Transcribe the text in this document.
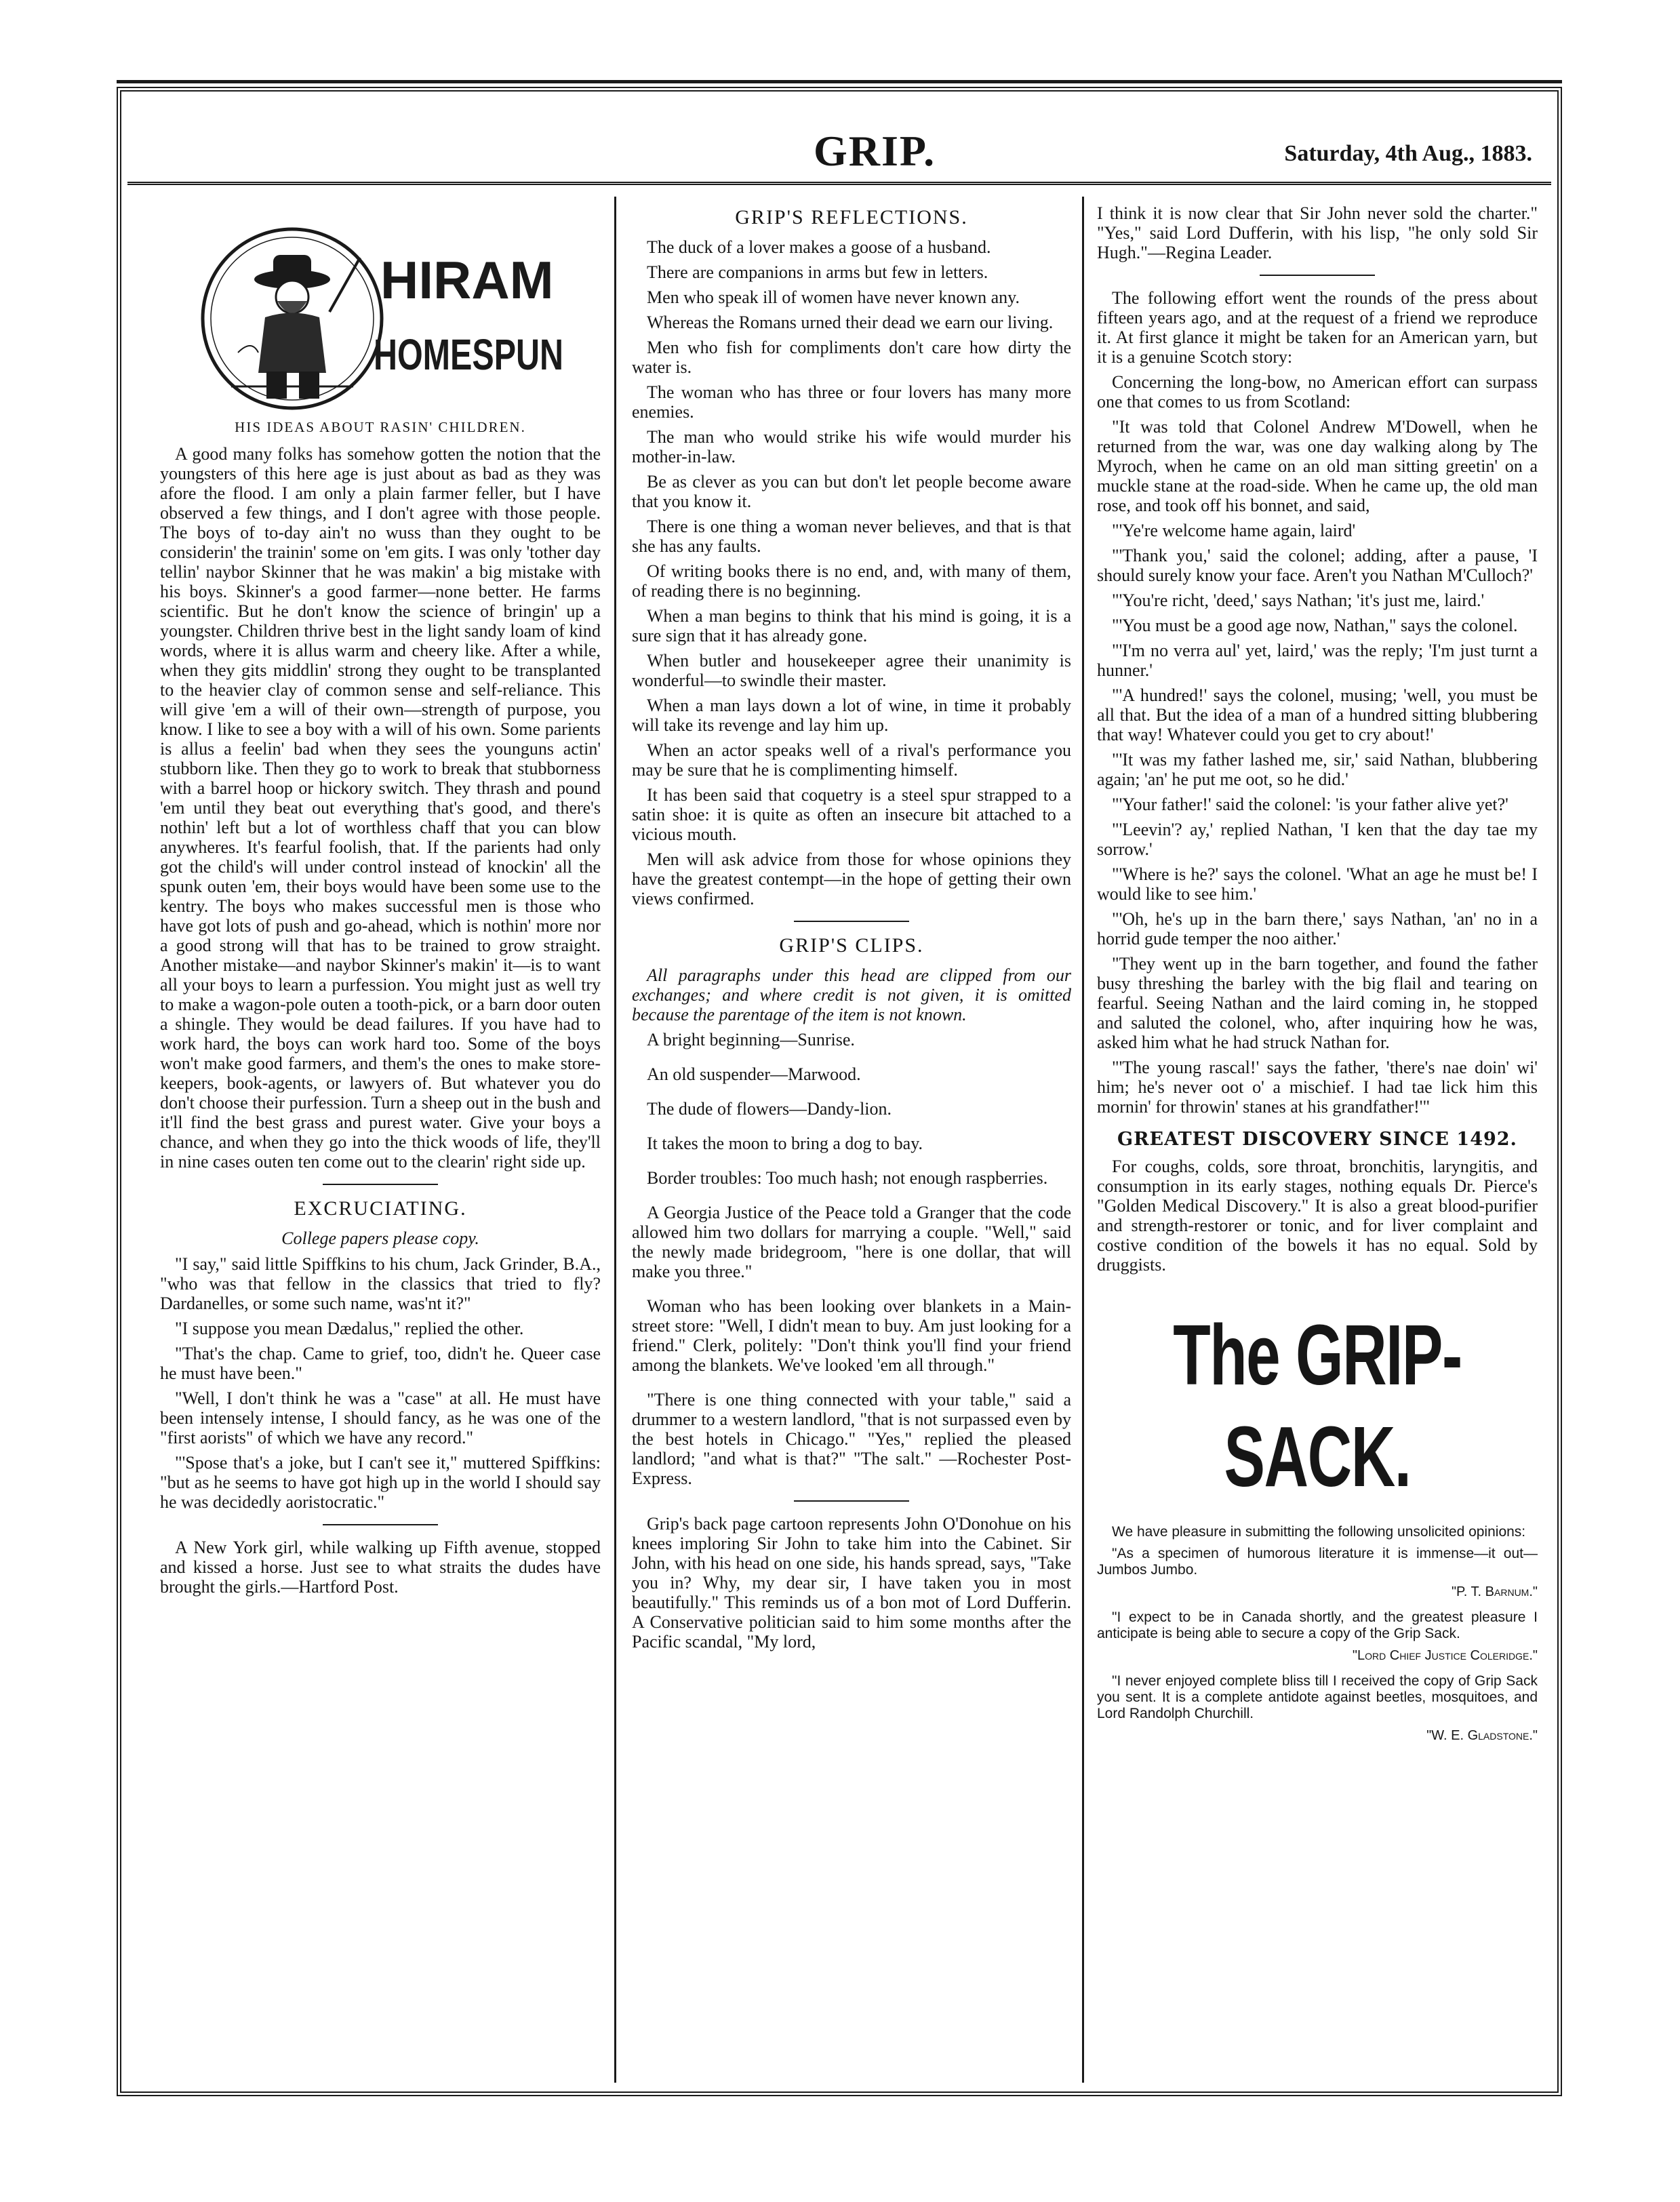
GRIP.	Saturday, 4th Aug., 1883.
HIRAM
HOMESPUN
HIS IDEAS ABOUT RASIN' CHILDREN.

A good many folks has somehow gotten the notion that the youngsters of this here age is just about as bad as they was afore the flood. I am only a plain farmer feller, but I have observed a few things, and I don't agree with those people. The boys of to-day ain't no wuss than they ought to be considerin' the trainin' some on 'em gits. I was only 'tother day tellin' naybor Skinner that he was makin' a big mistake with his boys. Skinner's a good farmer—none better. He farms scientific. But he don't know the science of bringin' up a youngster. Children thrive best in the light sandy loam of kind words, where it is allus warm and cheery like. After a while, when they gits middlin' strong they ought to be transplanted to the heavier clay of common sense and self-reliance. This will give 'em a will of their own—strength of purpose, you know. I like to see a boy with a will of his own. Some parients is allus a feelin' bad when they sees the younguns actin' stubborn like. Then they go to work to break that stubborness with a barrel hoop or hickory switch. They thrash and pound 'em until they beat out everything that's good, and there's nothin' left but a lot of worthless chaff that you can blow anywheres. It's fearful foolish, that. If the parients had only got the child's will under control instead of knockin' all the spunk outen 'em, their boys would have been some use to the kentry. The boys who makes successful men is those who have got lots of push and go-ahead, which is nothin' more nor a good strong will that has to be trained to grow straight. Another mistake—and naybor Skinner's makin' it—is to want all your boys to learn a purfession. You might just as well try to make a wagon-pole outen a tooth-pick, or a barn door outen a shingle. They would be dead failures. If you have had to work hard, the boys can work hard too. Some of the boys won't make good farmers, and them's the ones to make store-keepers, book-agents, or lawyers of. But whatever you do don't choose their purfession. Turn a sheep out in the bush and it'll find the best grass and purest water. Give your boys a chance, and when they go into the thick woods of life, they'll in nine cases outen ten come out to the clearin' right side up.

EXCRUCIATING.
College papers please copy.

"I say," said little Spiffkins to his chum, Jack Grinder, B.A., "who was that fellow in the classics that tried to fly? Dardanelles, or some such name, was'nt it?"

"I suppose you mean Dædalus," replied the other.

"That's the chap. Came to grief, too, didn't he. Queer case he must have been."

"Well, I don't think he was a "case" at all. He must have been intensely intense, I should fancy, as he was one of the "first aorists" of which we have any record."

"'Spose that's a joke, but I can't see it," muttered Spiffkins: "but as he seems to have got high up in the world I should say he was decidedly aoristocratic."

A New York girl, while walking up Fifth avenue, stopped and kissed a horse. Just see to what straits the dudes have brought the girls.—Hartford Post.

GRIP'S REFLECTIONS.

The duck of a lover makes a goose of a husband.

There are companions in arms but few in letters.

Men who speak ill of women have never known any.

Whereas the Romans urned their dead we earn our living.

Men who fish for compliments don't care how dirty the water is.

The woman who has three or four lovers has many more enemies.

The man who would strike his wife would murder his mother-in-law.

Be as clever as you can but don't let people become aware that you know it.

There is one thing a woman never believes, and that is that she has any faults.

Of writing books there is no end, and, with many of them, of reading there is no beginning.

When a man begins to think that his mind is going, it is a sure sign that it has already gone.

When butler and housekeeper agree their unanimity is wonderful—to swindle their master.

When a man lays down a lot of wine, in time it probably will take its revenge and lay him up.

When an actor speaks well of a rival's performance you may be sure that he is complimenting himself.

It has been said that coquetry is a steel spur strapped to a satin shoe: it is quite as often an insecure bit attached to a vicious mouth.

Men will ask advice from those for whose opinions they have the greatest contempt—in the hope of getting their own views confirmed.

GRIP'S CLIPS.

All paragraphs under this head are clipped from our exchanges; and where credit is not given, it is omitted because the parentage of the item is not known.

A bright beginning—Sunrise.

An old suspender—Marwood.

The dude of flowers—Dandy-lion.

It takes the moon to bring a dog to bay.

Border troubles: Too much hash; not enough raspberries.

A Georgia Justice of the Peace told a Granger that the code allowed him two dollars for marrying a couple. "Well," said the newly made bridegroom, "here is one dollar, that will make you three."

Woman who has been looking over blankets in a Main-street store: "Well, I didn't mean to buy. Am just looking for a friend." Clerk, politely: "Don't think you'll find your friend among the blankets. We've looked 'em all through."

"There is one thing connected with your table," said a drummer to a western landlord, "that is not surpassed even by the best hotels in Chicago." "Yes," replied the pleased landlord; "and what is that?" "The salt." —Rochester Post-Express.

Grip's back page cartoon represents John O'Donohue on his knees imploring Sir John to take him into the Cabinet. Sir John, with his head on one side, his hands spread, says, "Take you in? Why, my dear sir, I have taken you in most beautifully." This reminds us of a bon mot of Lord Dufferin. A Conservative politician said to him some months after the Pacific scandal, "My lord,

I think it is now clear that Sir John never sold the charter." "Yes," said Lord Dufferin, with his lisp, "he only sold Sir Hugh."—Regina Leader.

The following effort went the rounds of the press about fifteen years ago, and at the request of a friend we reproduce it. At first glance it might be taken for an American yarn, but it is a genuine Scotch story:

Concerning the long-bow, no American effort can surpass one that comes to us from Scotland:

"It was told that Colonel Andrew M'Dowell, when he returned from the war, was one day walking along by The Myroch, when he came on an old man sitting greetin' on a muckle stane at the road-side. When he came up, the old man rose, and took off his bonnet, and said,

"'Ye're welcome hame again, laird'

"'Thank you,' said the colonel; adding, after a pause, 'I should surely know your face. Aren't you Nathan M'Culloch?'

"'You're richt, 'deed,' says Nathan; 'it's just me, laird.'

"'You must be a good age now, Nathan," says the colonel.

"'I'm no verra aul' yet, laird,' was the reply; 'I'm just turnt a hunner.'

"'A hundred!' says the colonel, musing; 'well, you must be all that. But the idea of a man of a hundred sitting blubbering that way! Whatever could you get to cry about!'

"'It was my father lashed me, sir,' said Nathan, blubbering again; 'an' he put me oot, so he did.'

"'Your father!' said the colonel: 'is your father alive yet?'

"'Leevin'? ay,' replied Nathan, 'I ken that the day tae my sorrow.'

"'Where is he?' says the colonel. 'What an age he must be! I would like to see him.'

"'Oh, he's up in the barn there,' says Nathan, 'an' no in a horrid gude temper the noo aither.'

"They went up in the barn together, and found the father busy threshing the barley with the big flail and tearing on fearful. Seeing Nathan and the laird coming in, he stopped and saluted the colonel, who, after inquiring how he was, asked him what he had struck Nathan for.

"'The young rascal!' says the father, 'there's nae doin' wi' him; he's never oot o' a mischief. I had tae lick him this mornin' for throwin' stanes at his grandfather!'"

GREATEST DISCOVERY SINCE 1492.

For coughs, colds, sore throat, bronchitis, laryngitis, and consumption in its early stages, nothing equals Dr. Pierce's "Golden Medical Discovery." It is also a great blood-purifier and strength-restorer or tonic, and for liver complaint and costive condition of the bowels it has no equal. Sold by druggists.

The GRIP-SACK.

We have pleasure in submitting the following unsolicited opinions:

"As a specimen of humorous literature it is immense—it out—Jumbos Jumbo.

"P. T. Barnum."

"I expect to be in Canada shortly, and the greatest pleasure I anticipate is being able to secure a copy of the Grip Sack.

"Lord Chief Justice Coleridge."

"I never enjoyed complete bliss till I received the copy of Grip Sack you sent. It is a complete antidote against beetles, mosquitoes, and Lord Randolph Churchill.

"W. E. Gladstone."
